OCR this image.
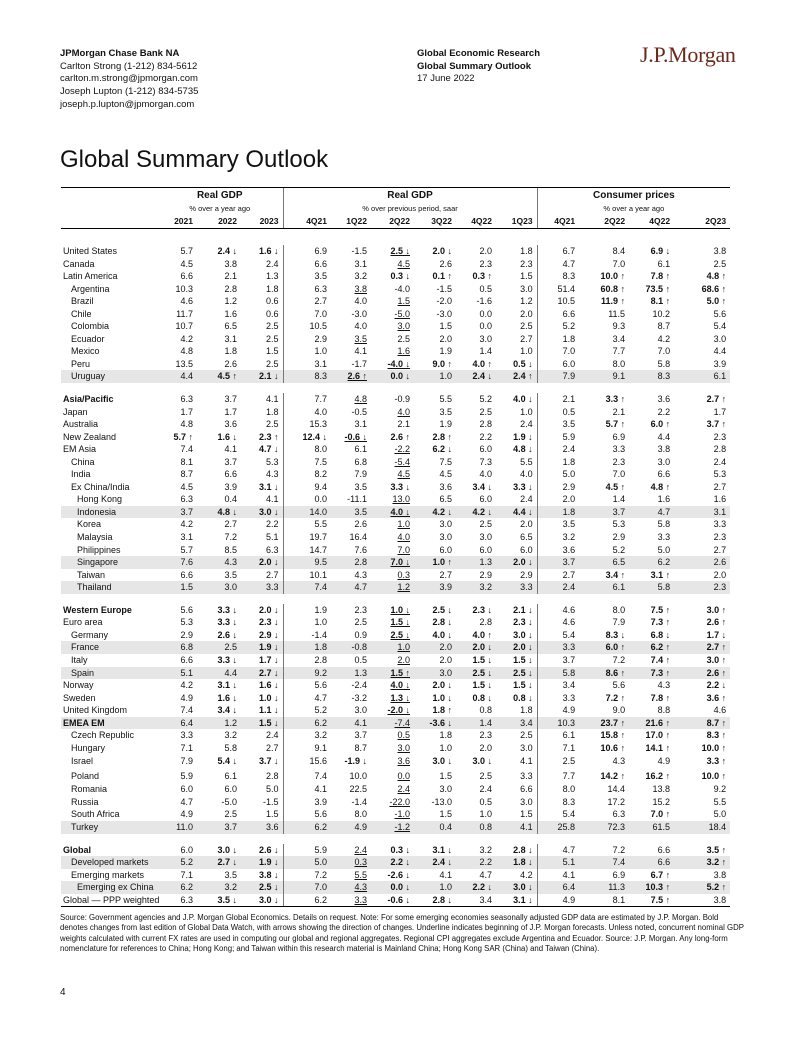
JPMorgan Chase Bank NA
Carlton Strong (1-212) 834-5612
carlton.m.strong@jpmorgan.com
Joseph Lupton (1-212) 834-5735
joseph.p.lupton@jpmorgan.com
Global Economic Research
Global Summary Outlook
17 June 2022
J.P.Morgan
Global Summary Outlook
	Real GDP			Real GDP						Consumer prices			
	% over a year ago			% over previous period, saar						% over a year ago			
	2021	2022	2023	4Q21	1Q22	2Q22	3Q22	4Q22	1Q23	4Q21	2Q22	4Q22	2Q23

United States	5.7	2.4 ↓	1.6 ↓	6.9	-1.5	2.5 ↓	2.0 ↓	2.0	1.8	6.7	8.4	6.9 ↓	3.8
Canada	4.5	3.8	2.4	6.6	3.1	4.5	2.6	2.3	2.3	4.7	7.0	6.1	2.5
Latin America	6.6	2.1	1.3	3.5	3.2	0.3 ↓	0.1 ↑	0.3 ↑	1.5	8.3	10.0 ↑	7.8 ↑	4.8 ↑
Argentina	10.3	2.8	1.8	6.3	3.8	-4.0	-1.5	0.5	3.0	51.4	60.8 ↑	73.5 ↑	68.6 ↑
Brazil	4.6	1.2	0.6	2.7	4.0	1.5	-2.0	-1.6	1.2	10.5	11.9 ↑	8.1 ↑	5.0 ↑
Chile	11.7	1.6	0.6	7.0	-3.0	-5.0	-3.0	0.0	2.0	6.6	11.5	10.2	5.6
Colombia	10.7	6.5	2.5	10.5	4.0	3.0	1.5	0.0	2.5	5.2	9.3	8.7	5.4
Ecuador	4.2	3.1	2.5	2.9	3.5	2.5	2.0	3.0	2.7	1.8	3.4	4.2	3.0
Mexico	4.8	1.8	1.5	1.0	4.1	1.6	1.9	1.4	1.0	7.0	7.7	7.0	4.4
Peru	13.5	2.6	2.5	3.1	-1.7	-4.0 ↓	9.0 ↑	4.0 ↑	0.5 ↓	6.0	8.0	5.8	3.9
Uruguay	4.4	4.5 ↑	2.1 ↓	8.3	2.6 ↑	0.0 ↓	1.0	2.4 ↓	2.4 ↑	7.9	9.1	8.3	6.1

Asia/Pacific	6.3	3.7	4.1	7.7	4.8	-0.9	5.5	5.2	4.0 ↓	2.1	3.3 ↑	3.6	2.7 ↑
Japan	1.7	1.7	1.8	4.0	-0.5	4.0	3.5	2.5	1.0	0.5	2.1	2.2	1.7
Australia	4.8	3.6	2.5	15.3	3.1	2.1	1.9	2.8	2.4	3.5	5.7 ↑	6.0 ↑	3.7 ↑
New Zealand	5.7 ↑	1.6 ↓	2.3 ↑	12.4 ↓	-0.6 ↓	2.6 ↑	2.8 ↑	2.2	1.9 ↓	5.9	6.9	4.4	2.3
EM Asia	7.4	4.1	4.7 ↓	8.0	6.1	-2.2	6.2 ↓	6.0	4.8 ↓	2.4	3.3	3.8	2.8
China	8.1	3.7	5.3	7.5	6.8	-5.4	7.5	7.3	5.5	1.8	2.3	3.0	2.4
India	8.7	6.6	4.3	8.2	7.9	4.5	4.5	4.0	4.0	5.0	7.0	6.6	5.3
Ex China/India	4.5	3.9	3.1 ↓	9.4	3.5	3.3 ↓	3.6	3.4 ↓	3.3 ↓	2.9	4.5 ↑	4.8 ↑	2.7
Hong Kong	6.3	0.4	4.1	0.0	-11.1	13.0	6.5	6.0	2.4	2.0	1.4	1.6	1.6
Indonesia	3.7	4.8 ↓	3.0 ↓	14.0	3.5	4.0 ↓	4.2 ↓	4.2 ↓	4.4 ↓	1.8	3.7	4.7	3.1
Korea	4.2	2.7	2.2	5.5	2.6	1.0	3.0	2.5	2.0	3.5	5.3	5.8	3.3
Malaysia	3.1	7.2	5.1	19.7	16.4	4.0	3.0	3.0	6.5	3.2	2.9	3.3	2.3
Philippines	5.7	8.5	6.3	14.7	7.6	7.0	6.0	6.0	6.0	3.6	5.2	5.0	2.7
Singapore	7.6	4.3	2.0 ↓	9.5	2.8	7.0 ↓	1.0 ↑	1.3	2.0 ↓	3.7	6.5	6.2	2.6
Taiwan	6.6	3.5	2.7	10.1	4.3	0.3	2.7	2.9	2.9	2.7	3.4 ↑	3.1 ↑	2.0
Thailand	1.5	3.0	3.3	7.4	4.7	1.2	3.9	3.2	3.3	2.4	6.1	5.8	2.3

Western Europe	5.6	3.3 ↓	2.0 ↓	1.9	2.3	1.0 ↓	2.5 ↓	2.3 ↓	2.1 ↓	4.6	8.0	7.5 ↑	3.0 ↑
Euro area	5.3	3.3 ↓	2.3 ↓	1.0	2.5	1.5 ↓	2.8 ↓	2.8	2.3 ↓	4.6	7.9	7.3 ↑	2.6 ↑
Germany	2.9	2.6 ↓	2.9 ↓	-1.4	0.9	2.5 ↓	4.0 ↓	4.0 ↑	3.0 ↓	5.4	8.3 ↓	6.8 ↓	1.7 ↓
France	6.8	2.5	1.9 ↓	1.8	-0.8	1.0	2.0	2.0 ↓	2.0 ↓	3.3	6.0 ↑	6.2 ↑	2.7 ↑
Italy	6.6	3.3 ↓	1.7 ↓	2.8	0.5	2.0	2.0	1.5 ↓	1.5 ↓	3.7	7.2	7.4 ↑	3.0 ↑
Spain	5.1	4.4	2.7 ↓	9.2	1.3	1.5 ↑	3.0	2.5 ↓	2.5 ↓	5.8	8.6 ↑	7.3 ↑	2.6 ↑
Norway	4.2	3.1 ↓	1.6 ↓	5.6	-2.4	4.0 ↓	2.0 ↓	1.5 ↓	1.5 ↓	3.4	5.6	4.3	2.2 ↓
Sweden	4.9	1.6 ↓	1.0 ↓	4.7	-3.2	1.3 ↓	1.0 ↓	0.8 ↓	0.8 ↓	3.3	7.2 ↑	7.8 ↑	3.6 ↑
United Kingdom	7.4	3.4 ↓	1.1 ↓	5.2	3.0	-2.0 ↓	1.8 ↑	0.8	1.8	4.9	9.0	8.8	4.6
EMEA EM	6.4	1.2	1.5 ↓	6.2	4.1	-7.4	-3.6 ↓	1.4	3.4	10.3	23.7 ↑	21.6 ↑	8.7 ↑
Czech Republic	3.3	3.2	2.4	3.2	3.7	0.5	1.8	2.3	2.5	6.1	15.8 ↑	17.0 ↑	8.3 ↑
Hungary	7.1	5.8	2.7	9.1	8.7	3.0	1.0	2.0	3.0	7.1	10.6 ↑	14.1 ↑	10.0 ↑
Israel	7.9	5.4 ↓	3.7 ↓	15.6	-1.9 ↓	3.6	3.0 ↓	3.0 ↓	4.1	2.5	4.3	4.9	3.3 ↑
Poland	5.9	6.1	2.8	7.4	10.0	0.0	1.5	2.5	3.3	7.7	14.2 ↑	16.2 ↑	10.0 ↑
Romania	6.0	6.0	5.0	4.1	22.5	2.4	3.0	2.4	6.6	8.0	14.4	13.8	9.2
Russia	4.7	-5.0	-1.5	3.9	-1.4	-22.0	-13.0	0.5	3.0	8.3	17.2	15.2	5.5
South Africa	4.9	2.5	1.5	5.6	8.0	-1.0	1.5	1.0	1.5	5.4	6.3	7.0 ↑	5.0
Turkey	11.0	3.7	3.6	6.2	4.9	-1.2	0.4	0.8	4.1	25.8	72.3	61.5	18.4

Global	6.0	3.0 ↓	2.6 ↓	5.9	2.4	0.3 ↓	3.1 ↓	3.2	2.8 ↓	4.7	7.2	6.6	3.5 ↑
Developed markets	5.2	2.7 ↓	1.9 ↓	5.0	0.3	2.2 ↓	2.4 ↓	2.2	1.8 ↓	5.1	7.4	6.6	3.2 ↑
Emerging markets	7.1	3.5	3.8 ↓	7.2	5.5	-2.6 ↓	4.1	4.7	4.2	4.1	6.9	6.7 ↑	3.8
Emerging ex China	6.2	3.2	2.5 ↓	7.0	4.3	0.0 ↓	1.0	2.2 ↓	3.0 ↓	6.4	11.3	10.3 ↑	5.2 ↑
Global — PPP weighted	6.3	3.5 ↓	3.0 ↓	6.2	3.3	-0.6 ↓	2.8 ↓	3.4	3.1 ↓	4.9	8.1	7.5 ↑	3.8
Source: Government agencies and J.P. Morgan Global Economics. Details on request. Note: For some emerging economies seasonally adjusted GDP data are estimated by J.P. Morgan. Bold denotes changes from last edition of Global Data Watch, with arrows showing the direction of changes. Underline indicates beginning of J.P. Morgan forecasts. Unless noted, concurrent nominal GDP weights calculated with current FX rates are used in computing our global and regional aggregates. Regional CPI aggregates exclude Argentina and Ecuador. Source: J.P. Morgan. Any long-form nomenclature for references to China; Hong Kong; and Taiwan within this research material is Mainland China; Hong Kong SAR (China) and Taiwan (China).
4
